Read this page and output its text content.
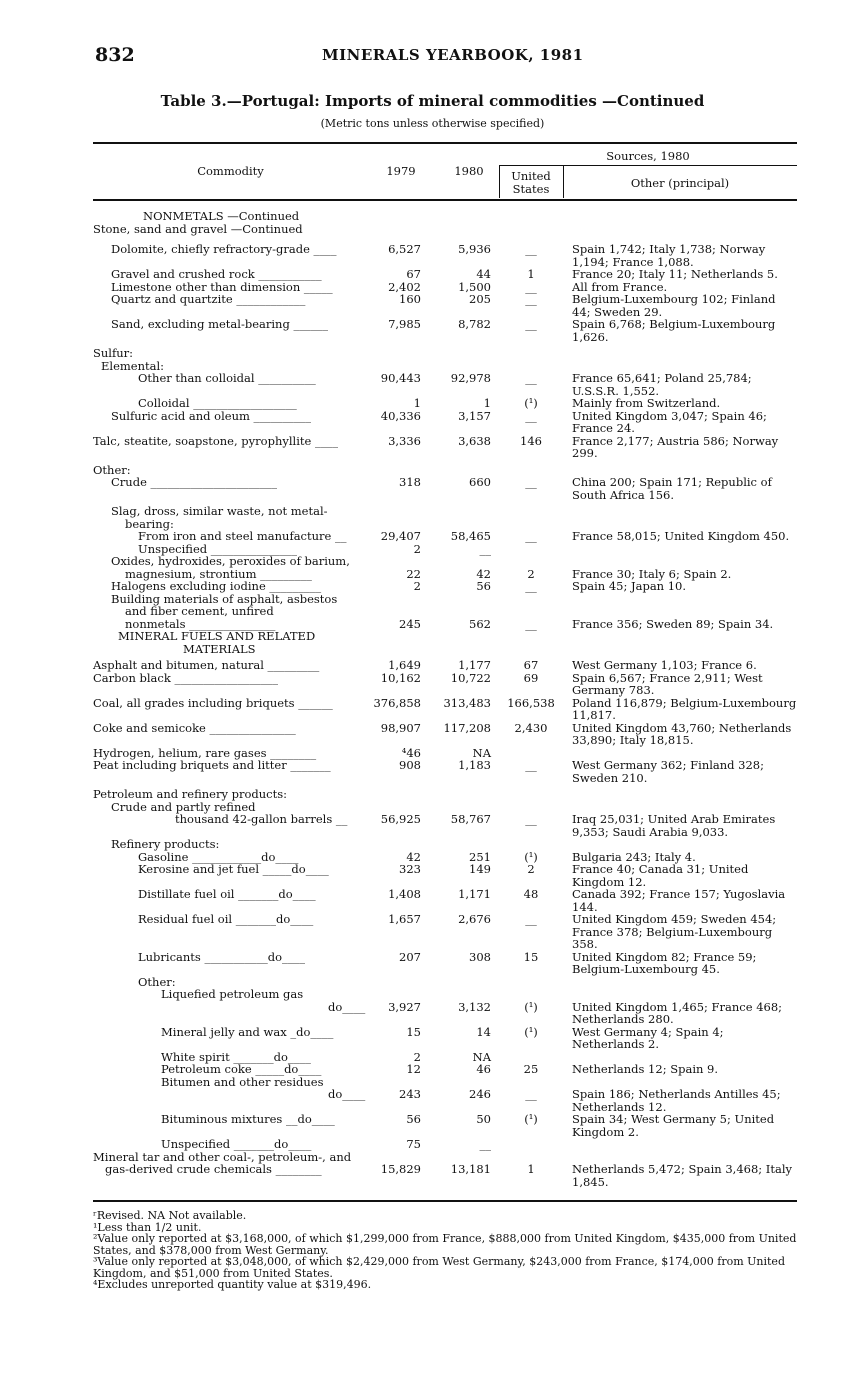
832	MINERALS YEARBOOK, 1981
Table 3.—Portugal: Imports of mineral commodities —Continued
(Metric tons unless otherwise specified)
Commodity	1979	1980
Sources, 1980
United States	Other (principal)
NONMETALS —Continued
Stone, sand and gravel —Continued
Dolomite, chiefly refractory-grade ____	6,527	5,936	__	Spain 1,742; Italy 1,738; Norway 1,194; France 1,088.
Gravel and crushed rock ___________	67	44	1	France 20; Italy 11; Netherlands 5.
Limestone other than dimension _____	2,402	1,500	__	All from France.
Quartz and quartzite ____________	160	205	__	Belgium-Luxembourg 102; Finland 44; Sweden 29.
Sand, excluding metal-bearing ______	7,985	8,782	__	Spain 6,768; Belgium-Luxembourg 1,626.
Sulfur:
Elemental:
Other than colloidal __________	90,443	92,978	__	France 65,641; Poland 25,784; U.S.S.R. 1,552.
Colloidal __________________	1	1	(¹)	Mainly from Switzerland.
Sulfuric acid and oleum __________	40,336	3,157	__	United Kingdom 3,047; Spain 46; France 24.
Talc, steatite, soapstone, pyrophyllite ____	3,336	3,638	146	France 2,177; Austria 586; Norway 299.
Other:
Crude ______________________	318	660	__	China 200; Spain 171; Republic of South Africa 156.
Slag, dross, similar waste, not metal-
bearing:
From iron and steel manufacture __	29,407	58,465	__	France 58,015; United Kingdom 450.
Unspecified _______________	2	__
Oxides, hydroxides, peroxides of barium,
magnesium, strontium _________	22	42	2	France 30; Italy 6; Spain 2.
Halogens excluding iodine _________	2	56	__	Spain 45; Japan 10.
Building materials of asphalt, asbestos
and fiber cement, unfired
nonmetals _______________	245	562	__	France 356; Sweden 89; Spain 34.
MINERAL FUELS AND RELATED
MATERIALS
Asphalt and bitumen, natural _________	1,649	1,177	67	West Germany 1,103; France 6.
Carbon black __________________	10,162	10,722	69	Spain 6,567; France 2,911; West Germany 783.
Coal, all grades including briquets ______	376,858	313,483	166,538	Poland 116,879; Belgium-Luxembourg 11,817.
Coke and semicoke _______________	98,907	117,208	2,430	United Kingdom 43,760; Netherlands 33,890; Italy 18,815.
Hydrogen, helium, rare gases ________	⁴46	NA
Peat including briquets and litter _______	908	1,183	__	West Germany 362; Finland 328; Sweden 210.
Petroleum and refinery products:
Crude and partly refined
thousand 42-gallon barrels __	56,925	58,767	__	Iraq 25,031; United Arab Emirates 9,353; Saudi Arabia 9,033.
Refinery products:
Gasoline ____________do____	42	251	(¹)	Bulgaria 243; Italy 4.
Kerosine and jet fuel _____do____	323	149	2	France 40; Canada 31; United Kingdom 12.
Distillate fuel oil _______do____	1,408	1,171	48	Canada 392; France 157; Yugoslavia 144.
Residual fuel oil _______do____	1,657	2,676	__	United Kingdom 459; Sweden 454; France 378; Belgium-Luxembourg 358.
Lubricants ___________do____	207	308	15	United Kingdom 82; France 59; Belgium-Luxembourg 45.
Other:
Liquefied petroleum gas
do____	3,927	3,132	(¹)	United Kingdom 1,465; France 468; Netherlands 280.
Mineral jelly and wax _do____	15	14	(¹)	West Germany 4; Spain 4; Netherlands 2.
White spirit _______do____	2	NA
Petroleum coke _____do____	12	46	25	Netherlands 12; Spain 9.
Bitumen and other residues
do____	243	246	__	Spain 186; Netherlands Antilles 45; Netherlands 12.
Bituminous mixtures __do____	56	50	(¹)	Spain 34; West Germany 5; United Kingdom 2.
Unspecified _______do____	75	__
Mineral tar and other coal-, petroleum-, and
gas-derived crude chemicals ________	15,829	13,181	1	Netherlands 5,472; Spain 3,468; Italy 1,845.
ʳRevised. NA Not available.
¹Less than 1/2 unit.
²Value only reported at $3,168,000, of which $1,299,000 from France, $888,000 from United Kingdom, $435,000 from United States, and $378,000 from West Germany.
³Value only reported at $3,048,000, of which $2,429,000 from West Germany, $243,000 from France, $174,000 from United Kingdom, and $51,000 from United States.
⁴Excludes unreported quantity value at $319,496.
